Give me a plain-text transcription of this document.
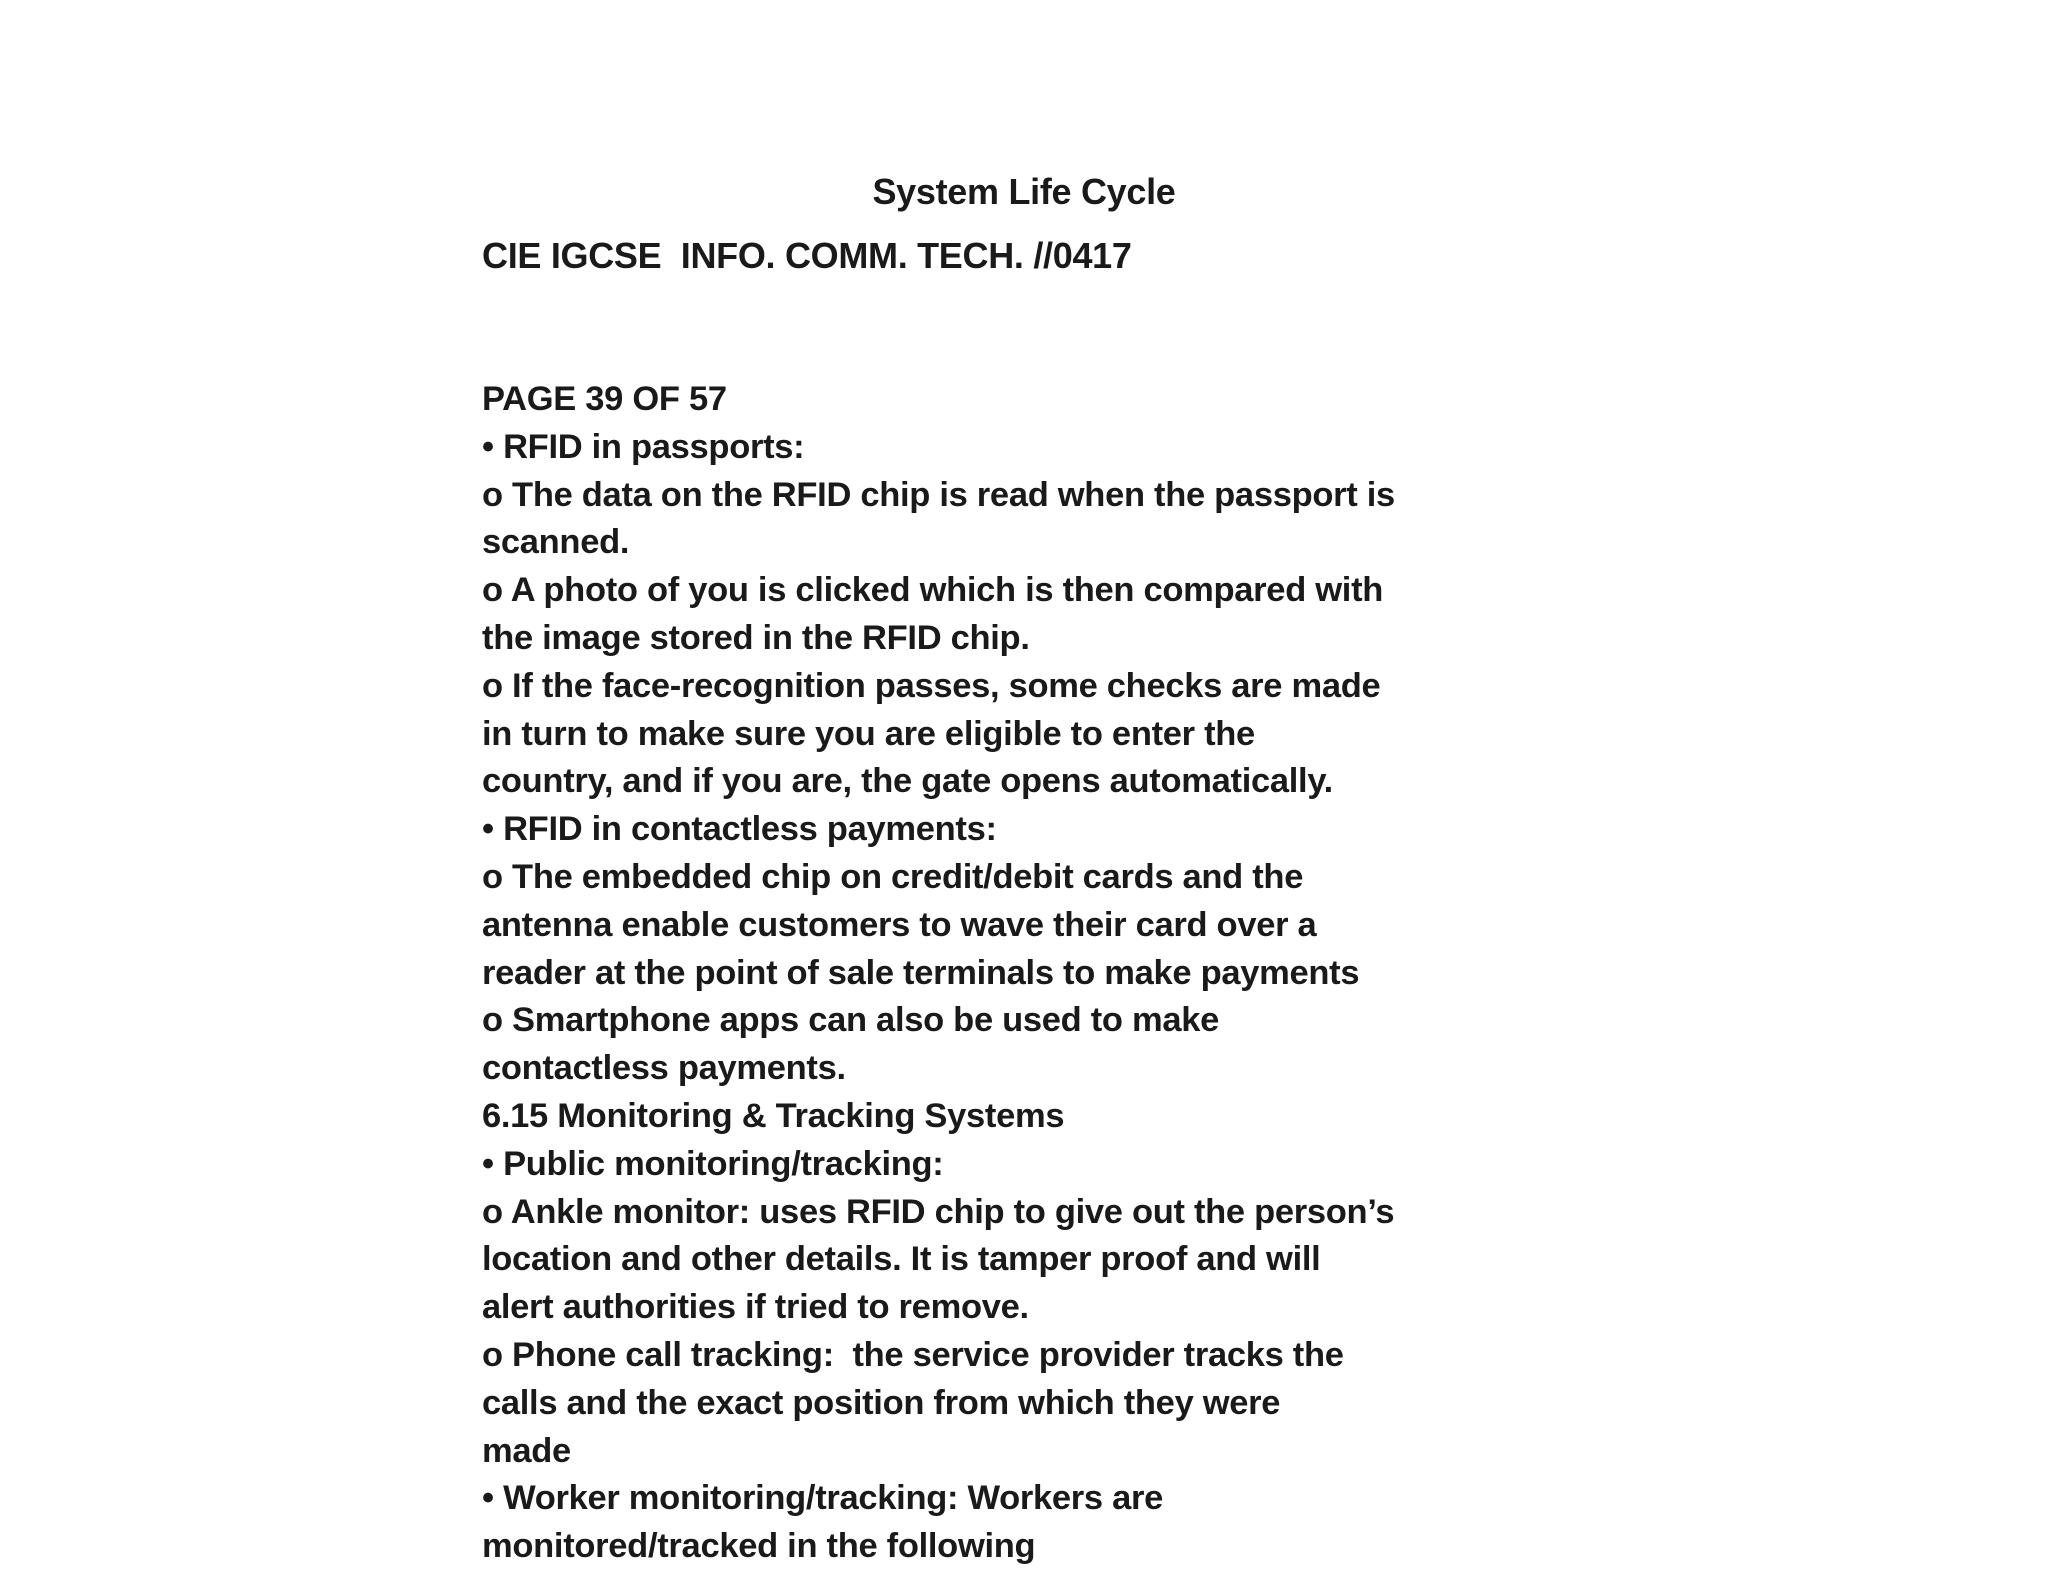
System Life Cycle
CIE IGCSE  INFO. COMM. TECH. //0417

PAGE 39 OF 57

• RFID in passports:

o The data on the RFID chip is read when the passport is

scanned.

o A photo of you is clicked which is then compared with

the image stored in the RFID chip.

o If the face-recognition passes, some checks are made

in turn to make sure you are eligible to enter the

country, and if you are, the gate opens automatically.

• RFID in contactless payments:

o The embedded chip on credit/debit cards and the

antenna enable customers to wave their card over a

reader at the point of sale terminals to make payments

o Smartphone apps can also be used to make

contactless payments.

6.15 Monitoring & Tracking Systems

• Public monitoring/tracking:

o Ankle monitor: uses RFID chip to give out the person’s

location and other details. It is tamper proof and will

alert authorities if tried to remove.

o Phone call tracking:  the service provider tracks the

calls and the exact position from which they were

made

• Worker monitoring/tracking: Workers are

monitored/tracked in the following
